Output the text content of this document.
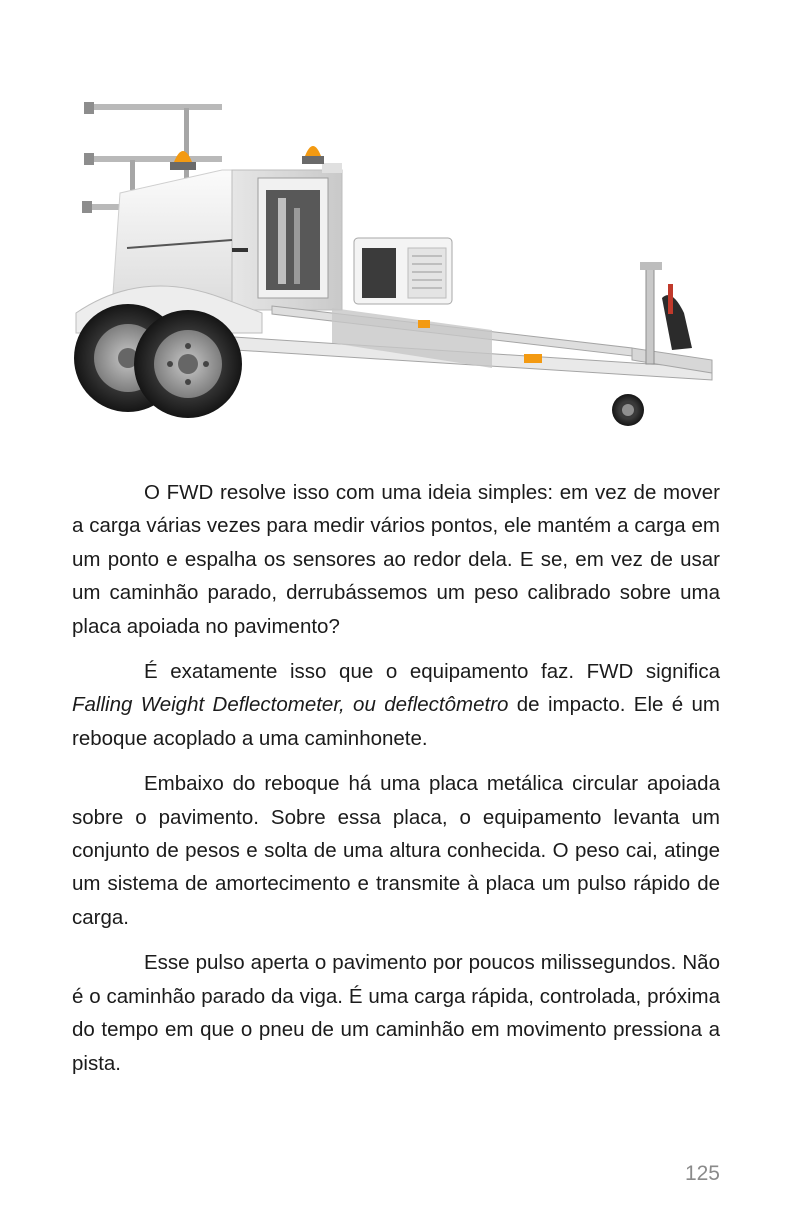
O FWD resolve isso com uma ideia simples: em vez de mover a carga várias vezes para medir vários pontos, ele mantém a carga em um ponto e espalha os sensores ao redor dela. E se, em vez de usar um caminhão parado, derrubássemos um peso calibrado sobre uma placa apoiada no pavimento?

É exatamente isso que o equipamento faz. FWD significa Falling Weight Deflectometer, ou deflectômetro de impacto. Ele é um reboque acoplado a uma caminhonete.

Embaixo do reboque há uma placa metálica circular apoiada sobre o pavimento. Sobre essa placa, o equipamento levanta um conjunto de pesos e solta de uma altura conhecida. O peso cai, atinge um sistema de amortecimento e transmite à placa um pulso rápido de carga.

Esse pulso aperta o pavimento por poucos milissegundos. Não é o caminhão parado da viga. É uma carga rápida, controlada, próxima do tempo em que o pneu de um caminhão em movimento pressiona a pista.

125
